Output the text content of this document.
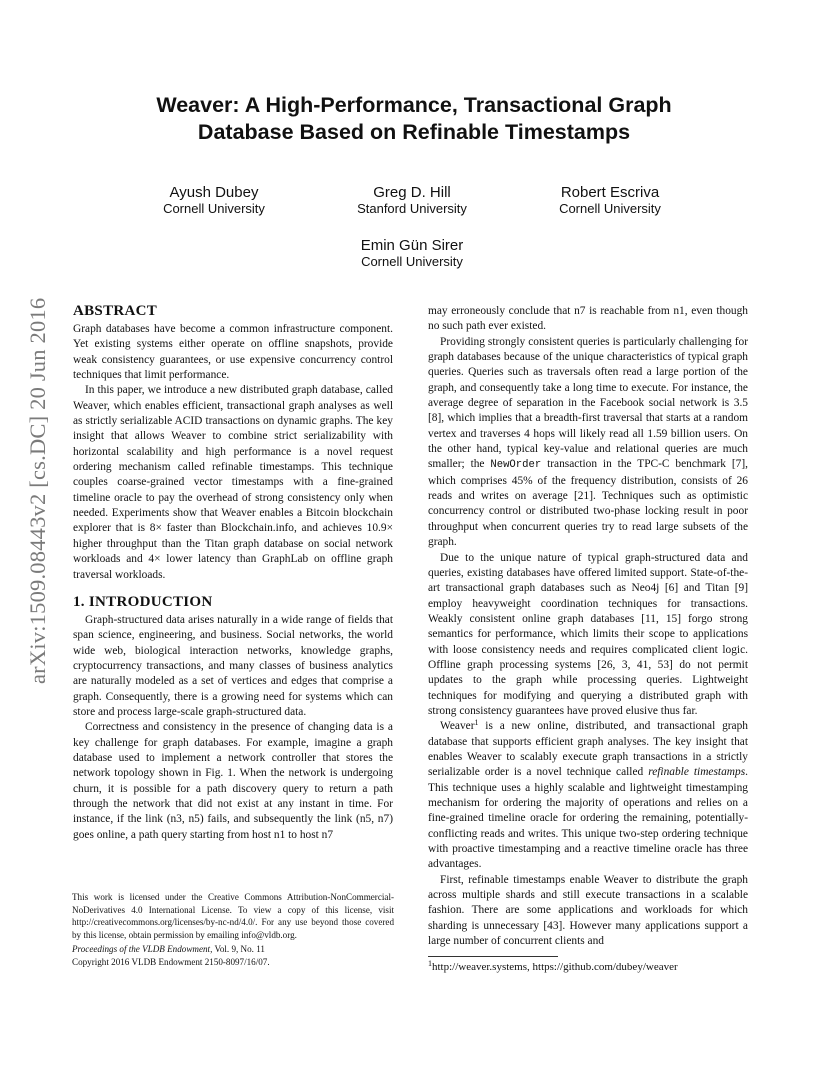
arXiv:1509.08443v2 [cs.DC] 20 Jun 2016
Weaver: A High-Performance, Transactional Graph
Database Based on Refinable Timestamps
Ayush Dubey
Cornell University
Greg D. Hill
Stanford University
Robert Escriva
Cornell University
Emin Gün Sirer
Cornell University
ABSTRACT

Graph databases have become a common infrastructure component. Yet existing systems either operate on offline snapshots, provide weak consistency guarantees, or use expensive concurrency control techniques that limit performance.

In this paper, we introduce a new distributed graph database, called Weaver, which enables efficient, transactional graph analyses as well as strictly serializable ACID transactions on dynamic graphs. The key insight that allows Weaver to combine strict serializability with horizontal scalability and high performance is a novel request ordering mechanism called refinable timestamps. This technique couples coarse-grained vector timestamps with a fine-grained timeline oracle to pay the overhead of strong consistency only when needed. Experiments show that Weaver enables a Bitcoin blockchain explorer that is 8× faster than Blockchain.info, and achieves 10.9× higher throughput than the Titan graph database on social network workloads and 4× lower latency than GraphLab on offline graph traversal workloads.

1. INTRODUCTION

Graph-structured data arises naturally in a wide range of fields that span science, engineering, and business. Social networks, the world wide web, biological interaction networks, knowledge graphs, cryptocurrency transactions, and many classes of business analytics are naturally modeled as a set of vertices and edges that comprise a graph. Consequently, there is a growing need for systems which can store and process large-scale graph-structured data.

Correctness and consistency in the presence of changing data is a key challenge for graph databases. For example, imagine a graph database used to implement a network controller that stores the network topology shown in Fig. 1. When the network is undergoing churn, it is possible for a path discovery query to return a path through the network that did not exist at any instant in time. For instance, if the link (n3, n5) fails, and subsequently the link (n5, n7) goes online, a path query starting from host n1 to host n7

This work is licensed under the Creative Commons Attribution-NonCommercial-NoDerivatives 4.0 International License. To view a copy of this license, visit http://creativecommons.org/licenses/by-nc-nd/4.0/. For any use beyond those covered by this license, obtain permission by emailing info@vldb.org.

Proceedings of the VLDB Endowment, Vol. 9, No. 11

Copyright 2016 VLDB Endowment 2150-8097/16/07.

may erroneously conclude that n7 is reachable from n1, even though no such path ever existed.

Providing strongly consistent queries is particularly challenging for graph databases because of the unique characteristics of typical graph queries. Queries such as traversals often read a large portion of the graph, and consequently take a long time to execute. For instance, the average degree of separation in the Facebook social network is 3.5 [8], which implies that a breadth-first traversal that starts at a random vertex and traverses 4 hops will likely read all 1.59 billion users. On the other hand, typical key-value and relational queries are much smaller; the NewOrder transaction in the TPC-C benchmark [7], which comprises 45% of the frequency distribution, consists of 26 reads and writes on average [21]. Techniques such as optimistic concurrency control or distributed two-phase locking result in poor throughput when concurrent queries try to read large subsets of the graph.

Due to the unique nature of typical graph-structured data and queries, existing databases have offered limited support. State-of-the-art transactional graph databases such as Neo4j [6] and Titan [9] employ heavyweight coordination techniques for transactions. Weakly consistent online graph databases [11, 15] forgo strong semantics for performance, which limits their scope to applications with loose consistency needs and requires complicated client logic. Offline graph processing systems [26, 3, 41, 53] do not permit updates to the graph while processing queries. Lightweight techniques for modifying and querying a distributed graph with strong consistency guarantees have proved elusive thus far.

Weaver$^1$ is a new online, distributed, and transactional graph database that supports efficient graph analyses. The key insight that enables Weaver to scalably execute graph transactions in a strictly serializable order is a novel technique called refinable timestamps. This technique uses a highly scalable and lightweight timestamping mechanism for ordering the majority of operations and relies on a fine-grained timeline oracle for ordering the remaining, potentially-conflicting reads and writes. This unique two-step ordering technique with proactive timestamping and a reactive timeline oracle has three advantages.

First, refinable timestamps enable Weaver to distribute the graph across multiple shards and still execute transactions in a scalable fashion. There are some applications and workloads for which sharding is unnecessary [43]. However many applications support a large number of concurrent clients and

$^1$http://weaver.systems, https://github.com/dubey/weaver
